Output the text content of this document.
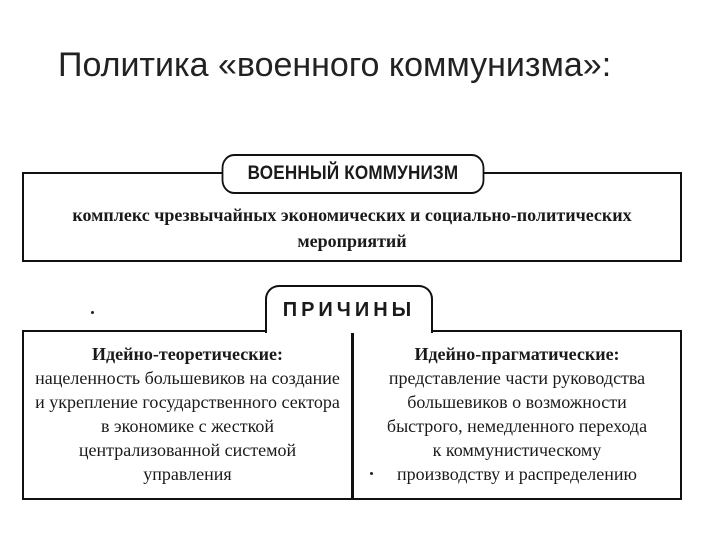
Политика «военного коммунизма»:
ВОЕННЫЙ КОММУНИЗМ
комплекс чрезвычайных экономических и социально-политических
мероприятий
ПРИЧИНЫ
Идейно-теоретические:
нацеленность большевиков на создание
и укрепление государственного сектора
в экономике с жесткой
централизованной системой
управления
Идейно-прагматические:
представление части руководства
большевиков о возможности
быстрого, немедленного перехода
к коммунистическому
производству и распределению
